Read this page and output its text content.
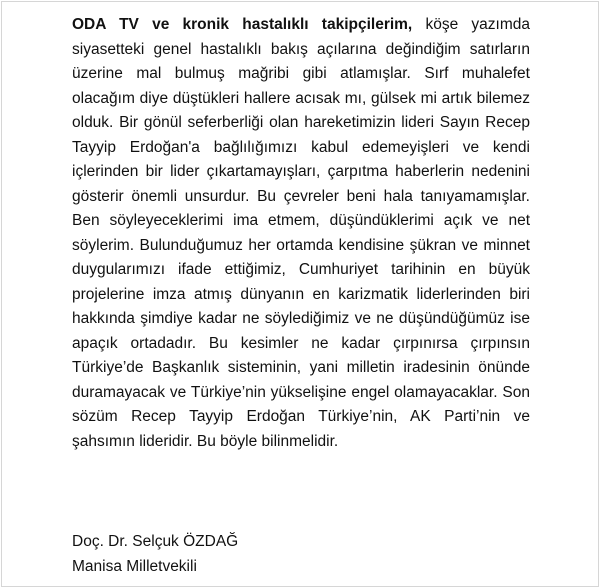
ODA TV ve kronik hastalıklı takipçilerim, köşe yazımda siyasetteki genel hastalıklı bakış açılarına değindiğim satırların üzerine mal bulmuş mağribi gibi atlamışlar. Sırf muhalefet olacağım diye düştükleri hallere acısak mı, gülsek mi artık bilemez olduk. Bir gönül seferberliği olan hareketimizin lideri Sayın Recep Tayyip Erdoğan'a bağlılığımızı kabul edemeyişleri ve kendi içlerinden bir lider çıkartamayışları, çarpıtma haberlerin nedenini gösterir önemli unsurdur. Bu çevreler beni hala tanıyamamışlar. Ben söyleyeceklerimi ima etmem, düşündüklerimi açık ve net söylerim. Bulunduğumuz her ortamda kendisine şükran ve minnet duygularımızı ifade ettiğimiz, Cumhuriyet tarihinin en büyük projelerine imza atmış dünyanın en karizmatik liderlerinden biri hakkında şimdiye kadar ne söylediğimiz ve ne düşündüğümüz ise apaçık ortadadır. Bu kesimler ne kadar çırpınırsa çırpınsın Türkiye’de Başkanlık sisteminin, yani milletin iradesinin önünde duramayacak ve Türkiye’nin yükselişine engel olamayacaklar. Son sözüm Recep Tayyip Erdoğan Türkiye’nin, AK Parti’nin ve şahsımın lideridir. Bu böyle bilinmelidir.

Doç. Dr. Selçuk ÖZDAĞ
Manisa Milletvekili
